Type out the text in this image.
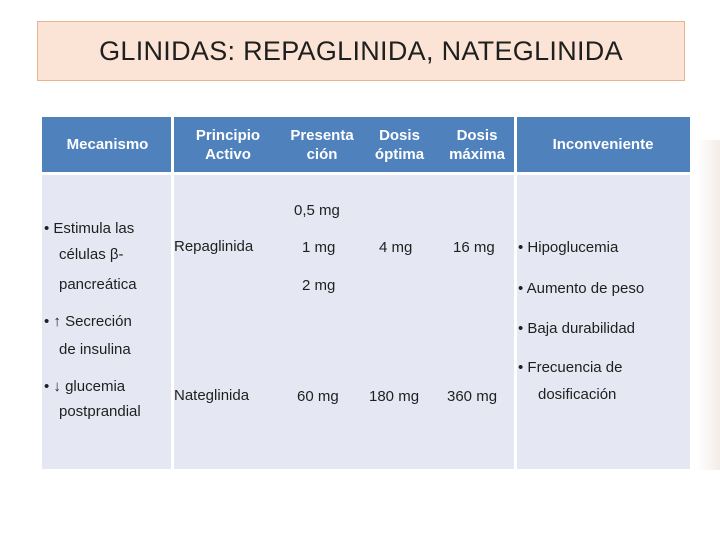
GLINIDAS: REPAGLINIDA, NATEGLINIDA
Mecanismo
Principio
Activo
Presenta
ción
Dosis
óptima
Dosis
máxima
Inconveniente
• Estimula las
células β-
pancreática
• ↑ Secreción
de insulina
• ↓ glucemia
postprandial
Repaglinida
0,5 mg
1 mg
2 mg
4 mg	16 mg
Nateglinida	60 mg 180 mg 360 mg
• Hipoglucemia
• Aumento de peso
• Baja durabilidad
• Frecuencia de
dosificación
